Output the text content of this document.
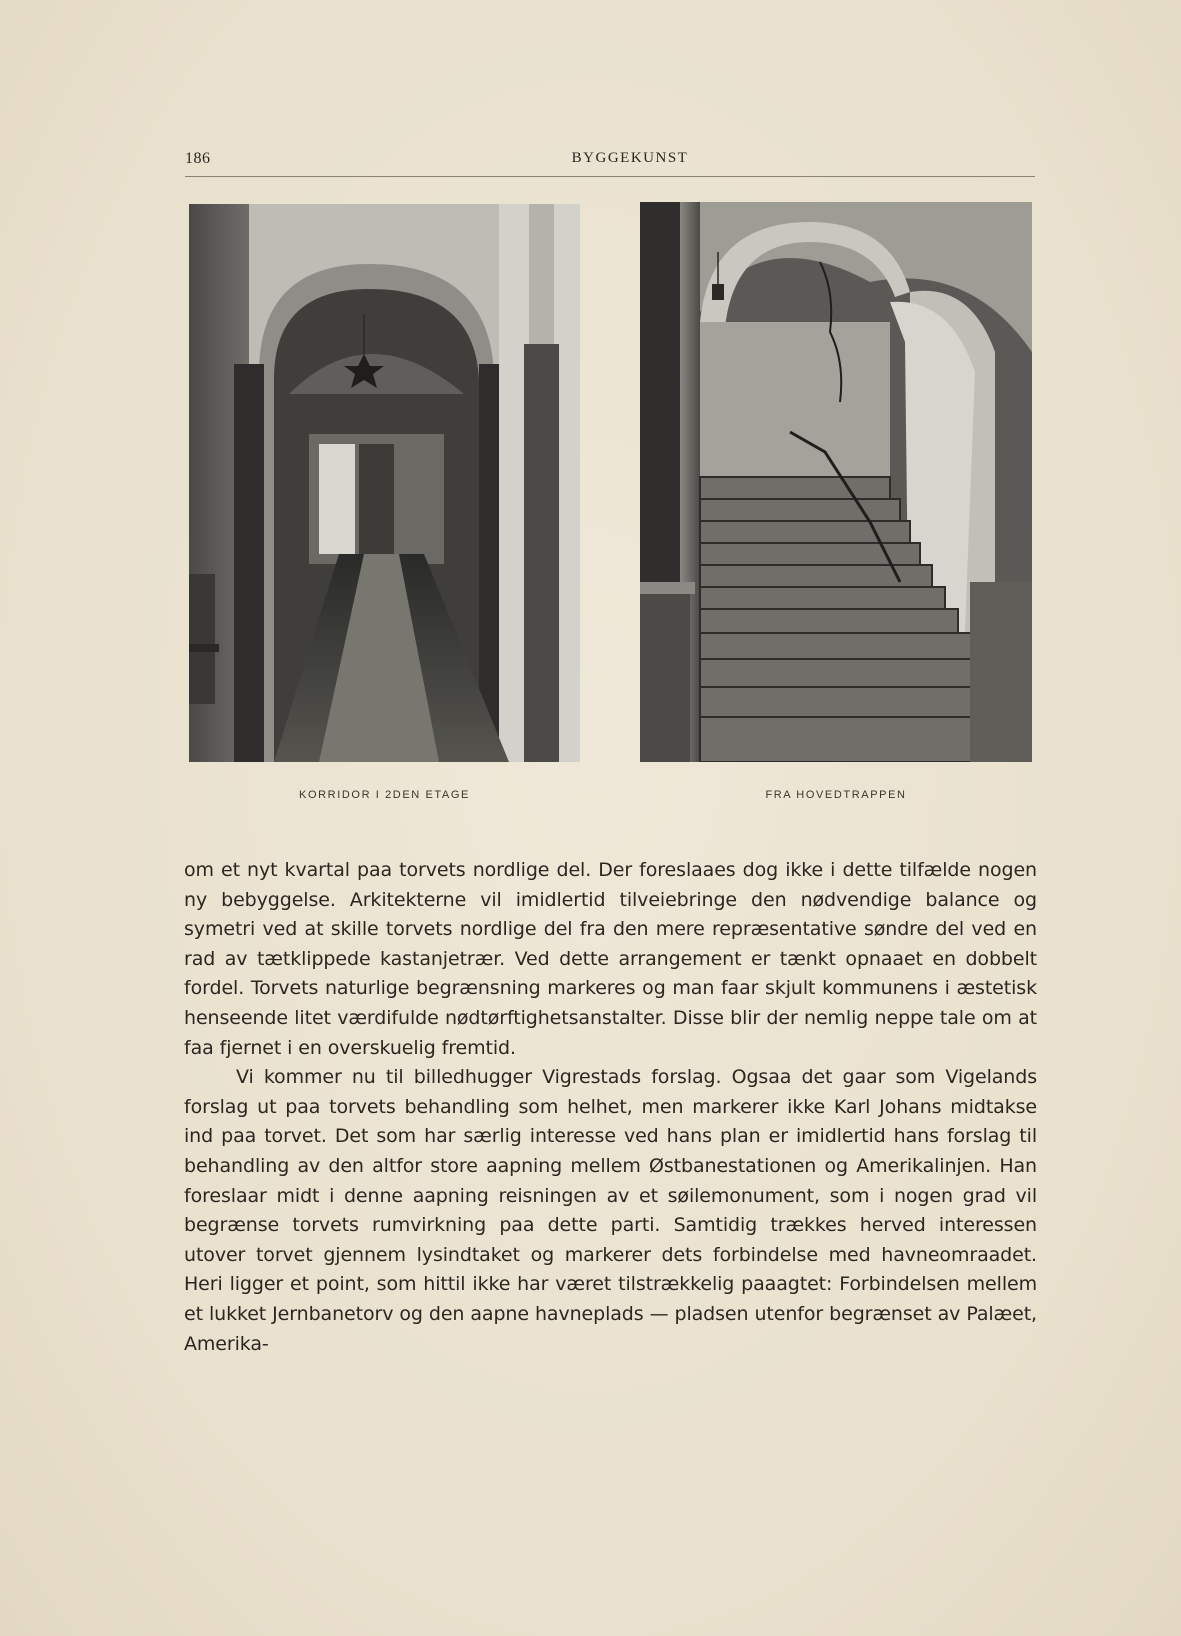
186	BYGGEKUNST
KORRIDOR I 2DEN ETAGE	FRA HOVEDTRAPPEN

om et nyt kvartal paa torvets nordlige del. Der foreslaaes dog ikke i dette tilfælde nogen ny bebyggelse. Arkitekterne vil imidlertid tilveiebringe den nødvendige balance og symetri ved at skille torvets nordlige del fra den mere repræsentative søndre del ved en rad av tætklippede kastanjetrær. Ved dette arrangement er tænkt opnaaet en dobbelt fordel. Torvets naturlige begrænsning markeres og man faar skjult kommunens i æstetisk henseende litet værdifulde nødtørftighetsanstalter. Disse blir der nemlig neppe tale om at faa fjernet i en overskuelig fremtid.

Vi kommer nu til billedhugger Vigrestads forslag. Ogsaa det gaar som Vigelands forslag ut paa torvets behandling som helhet, men markerer ikke Karl Johans midtakse ind paa torvet. Det som har særlig interesse ved hans plan er imidlertid hans forslag til behandling av den altfor store aapning mellem Østbanestationen og Amerikalinjen. Han foreslaar midt i denne aapning reisningen av et søilemonument, som i nogen grad vil begrænse torvets rumvirkning paa dette parti. Samtidig trækkes herved interessen utover torvet gjennem lysindtaket og markerer dets forbindelse med havneomraadet. Heri ligger et point, som hittil ikke har været tilstrækkelig paaagtet: Forbindelsen mellem et lukket Jernbanetorv og den aapne havneplads — pladsen utenfor begrænset av Palæet, Amerika-
